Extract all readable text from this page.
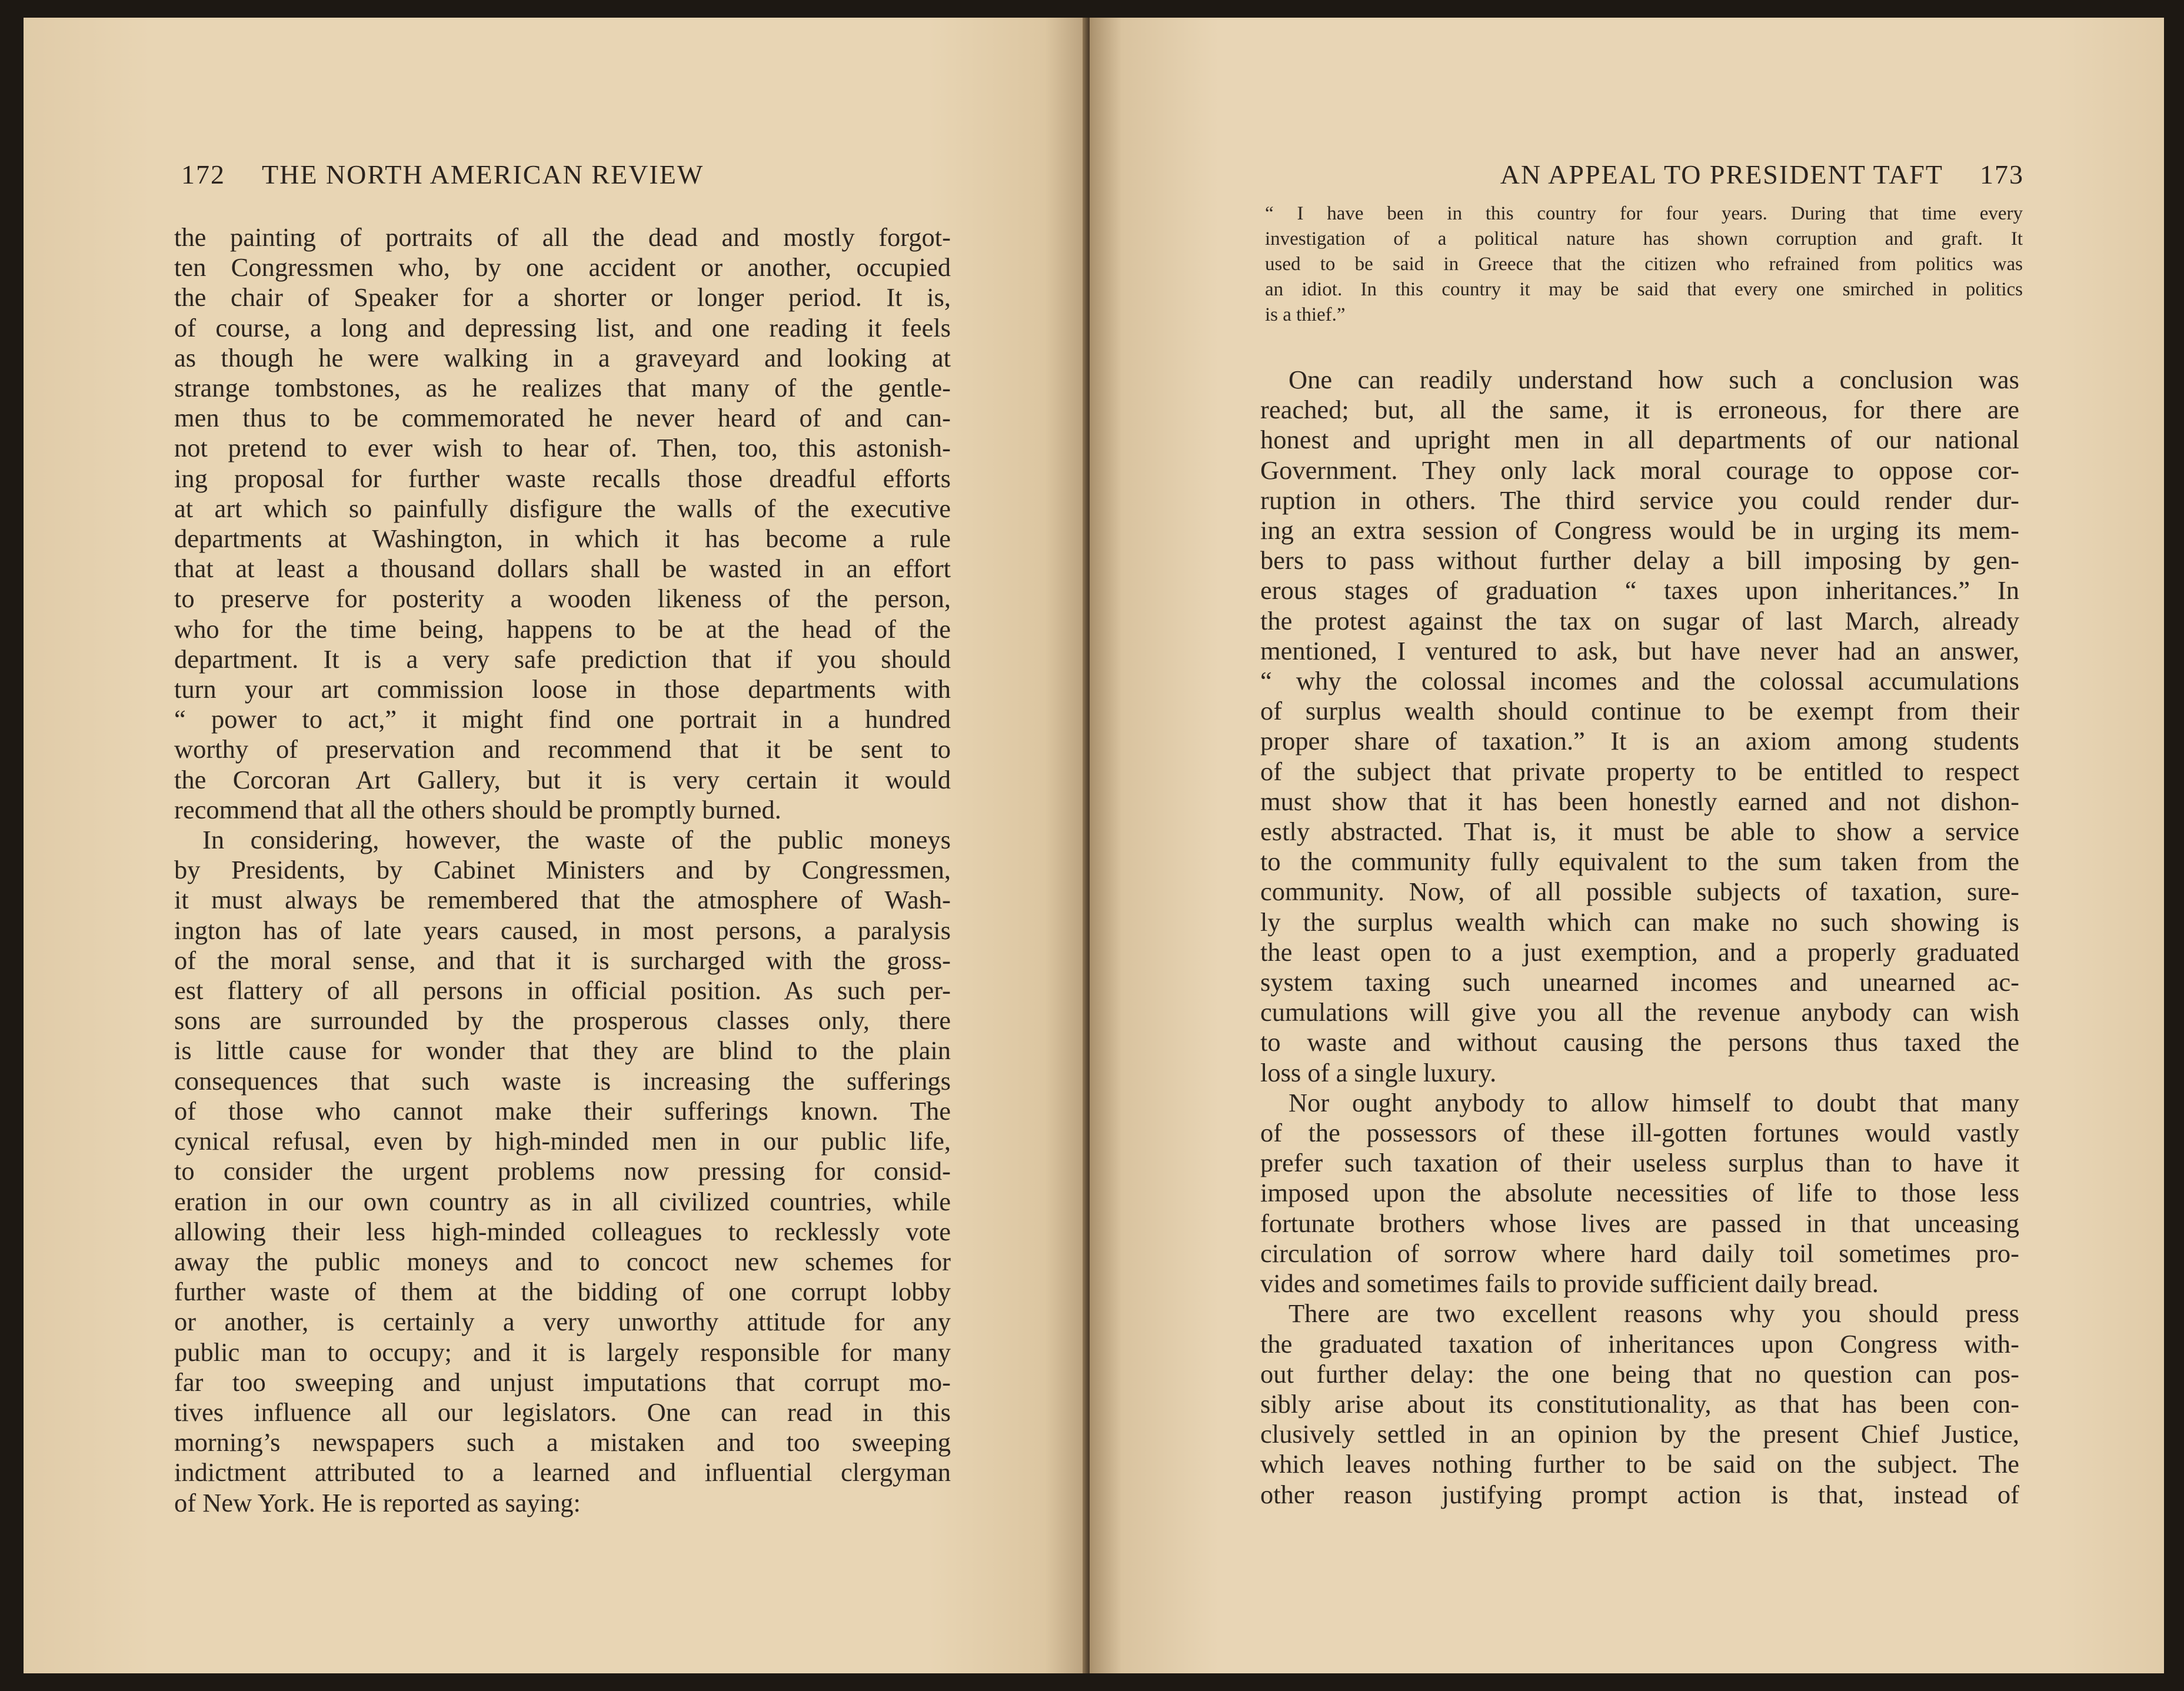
172 THE NORTH AMERICAN REVIEW
the painting of portraits of all the dead and mostly forgot-
ten Congressmen who, by one accident or another, occupied
the chair of Speaker for a shorter or longer period. It is,
of course, a long and depressing list, and one reading it feels
as though he were walking in a graveyard and looking at
strange tombstones, as he realizes that many of the gentle-
men thus to be commemorated he never heard of and can-
not pretend to ever wish to hear of. Then, too, this astonish-
ing proposal for further waste recalls those dreadful efforts
at art which so painfully disfigure the walls of the executive
departments at Washington, in which it has become a rule
that at least a thousand dollars shall be wasted in an effort
to preserve for posterity a wooden likeness of the person,
who for the time being, happens to be at the head of the
department. It is a very safe prediction that if you should
turn your art commission loose in those departments with
“ power to act,” it might find one portrait in a hundred
worthy of preservation and recommend that it be sent to
the Corcoran Art Gallery, but it is very certain it would
recommend that all the others should be promptly burned.
In considering, however, the waste of the public moneys
by Presidents, by Cabinet Ministers and by Congressmen,
it must always be remembered that the atmosphere of Wash-
ington has of late years caused, in most persons, a paralysis
of the moral sense, and that it is surcharged with the gross-
est flattery of all persons in official position. As such per-
sons are surrounded by the prosperous classes only, there
is little cause for wonder that they are blind to the plain
consequences that such waste is increasing the sufferings
of those who cannot make their sufferings known. The
cynical refusal, even by high-minded men in our public life,
to consider the urgent problems now pressing for consid-
eration in our own country as in all civilized countries, while
allowing their less high-minded colleagues to recklessly vote
away the public moneys and to concoct new schemes for
further waste of them at the bidding of one corrupt lobby
or another, is certainly a very unworthy attitude for any
public man to occupy; and it is largely responsible for many
far too sweeping and unjust imputations that corrupt mo-
tives influence all our legislators. One can read in this
morning’s newspapers such a mistaken and too sweeping
indictment attributed to a learned and influential clergyman
of New York. He is reported as saying:
AN APPEAL TO PRESIDENT TAFT 173
“ I have been in this country for four years. During that time every
investigation of a political nature has shown corruption and graft. It
used to be said in Greece that the citizen who refrained from politics was
an idiot. In this country it may be said that every one smirched in politics
is a thief.”
One can readily understand how such a conclusion was
reached; but, all the same, it is erroneous, for there are
honest and upright men in all departments of our national
Government. They only lack moral courage to oppose cor-
ruption in others. The third service you could render dur-
ing an extra session of Congress would be in urging its mem-
bers to pass without further delay a bill imposing by gen-
erous stages of graduation “ taxes upon inheritances.” In
the protest against the tax on sugar of last March, already
mentioned, I ventured to ask, but have never had an answer,
“ why the colossal incomes and the colossal accumulations
of surplus wealth should continue to be exempt from their
proper share of taxation.” It is an axiom among students
of the subject that private property to be entitled to respect
must show that it has been honestly earned and not dishon-
estly abstracted. That is, it must be able to show a service
to the community fully equivalent to the sum taken from the
community. Now, of all possible subjects of taxation, sure-
ly the surplus wealth which can make no such showing is
the least open to a just exemption, and a properly graduated
system taxing such unearned incomes and unearned ac-
cumulations will give you all the revenue anybody can wish
to waste and without causing the persons thus taxed the
loss of a single luxury.
Nor ought anybody to allow himself to doubt that many
of the possessors of these ill-gotten fortunes would vastly
prefer such taxation of their useless surplus than to have it
imposed upon the absolute necessities of life to those less
fortunate brothers whose lives are passed in that unceasing
circulation of sorrow where hard daily toil sometimes pro-
vides and sometimes fails to provide sufficient daily bread.
There are two excellent reasons why you should press
the graduated taxation of inheritances upon Congress with-
out further delay: the one being that no question can pos-
sibly arise about its constitutionality, as that has been con-
clusively settled in an opinion by the present Chief Justice,
which leaves nothing further to be said on the subject. The
other reason justifying prompt action is that, instead of
